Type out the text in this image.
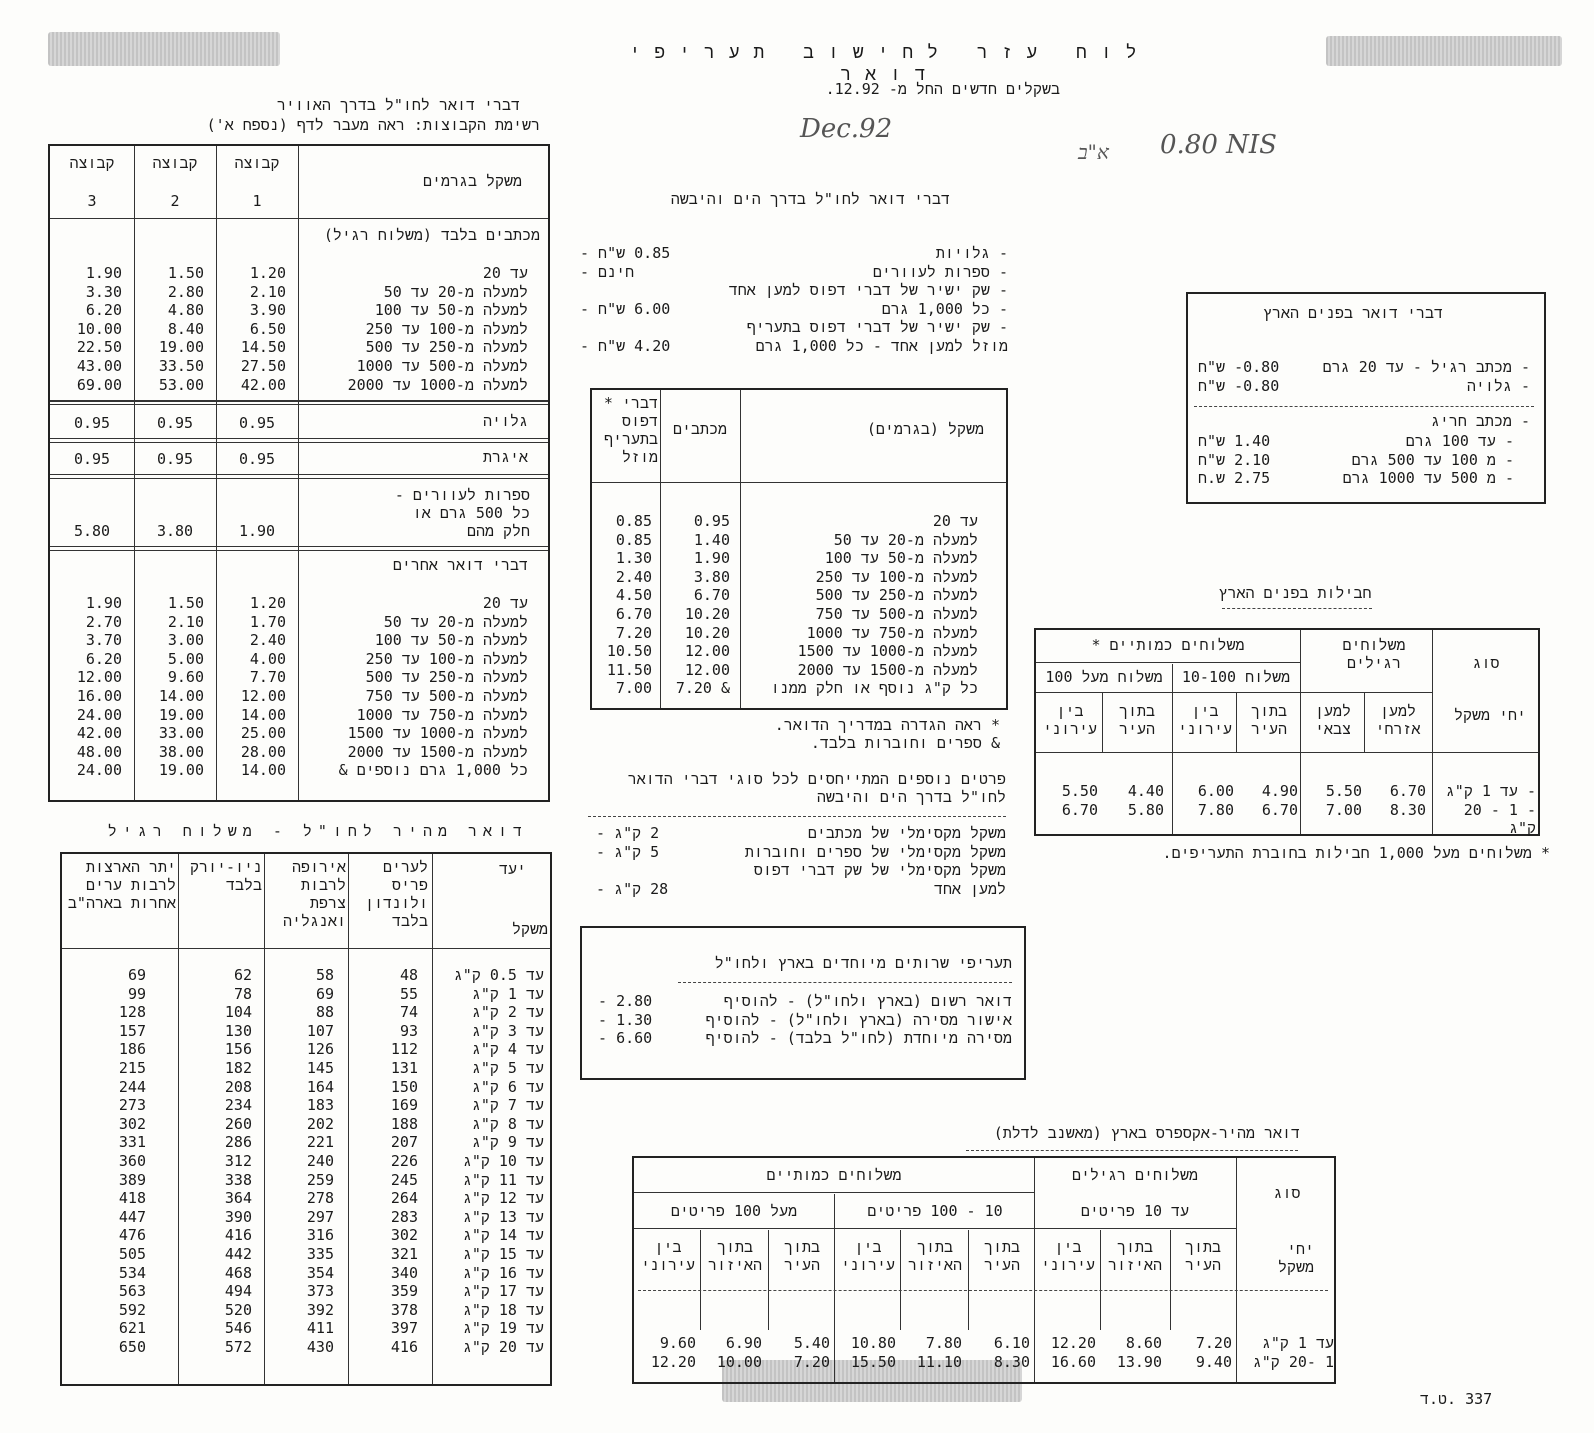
לוח עזר לחישוב תעריפי דואר
בשקלים חדשים החל מ- 12.92.
Dec.92
0.80 NIS
א"ב
דברי דואר לחו"ל בדרך האוויר
רשימת הקבוצות: ראה מעבר לדף (נספח א')
משקל בגרמים
קבוצה
3
קבוצה
2
קבוצה
1
מכתבים בלבד (משלוח רגיל)
עד 20
למעלה מ-20 עד 50
למעלה מ-50 עד 100
למעלה מ-100 עד 250
למעלה מ-250 עד 500
למעלה מ-500 עד 1000
למעלה מ-1000 עד 2000
1.20
2.10
3.90
6.50
14.50
27.50
42.00
1.50
2.80
4.80
8.40
19.00
33.50
53.00
1.90
3.30
6.20
10.00
22.50
43.00
69.00
גלויה
0.95
0.95
0.95
איגרת
0.95
0.95
0.95
ספרות לעוורים - כל 500 גרם או חלק מהם
1.90
3.80
5.80
דברי דואר אחרים
עד 20
למעלה מ-20 עד 50
למעלה מ-50 עד 100
למעלה מ-100 עד 250
למעלה מ-250 עד 500
למעלה מ-500 עד 750
למעלה מ-750 עד 1000
למעלה מ-1000 עד 1500
למעלה מ-1500 עד 2000
כל 1,000 גרם נוספים &
1.20
1.70
2.40
4.00
7.70
12.00
14.00
25.00
28.00
14.00
1.50
2.10
3.00
5.00
9.60
14.00
19.00
33.00
38.00
19.00
1.90
2.70
3.70
6.20
12.00
16.00
24.00
42.00
48.00
24.00
דואר מהיר לחו"ל - משלוח רגיל
יעד
משקל
לערים פריס ולונדון בלבד
אירופה לרבות צרפת ואנגליה
ניו-יורק בלבד
יתר הארצות לרבות ערים אחרות בארה"ב
עד 0.5 ק"ג
48
58
62
69
עד 1 ק"ג
55
69
78
99
עד 2 ק"ג
74
88
104
128
עד 3 ק"ג
93
107
130
157
עד 4 ק"ג
112
126
156
186
עד 5 ק"ג
131
145
182
215
עד 6 ק"ג
150
164
208
244
עד 7 ק"ג
169
183
234
273
עד 8 ק"ג
188
202
260
302
עד 9 ק"ג
207
221
286
331
עד 10 ק"ג
226
240
312
360
עד 11 ק"ג
245
259
338
389
עד 12 ק"ג
264
278
364
418
עד 13 ק"ג
283
297
390
447
עד 14 ק"ג
302
316
416
476
עד 15 ק"ג
321
335
442
505
עד 16 ק"ג
340
354
468
534
עד 17 ק"ג
359
373
494
563
עד 18 ק"ג
378
392
520
592
עד 19 ק"ג
397
411
546
621
עד 20 ק"ג
416
430
572
650
דברי דואר לחו"ל בדרך הים והיבשה
- גלויות
0.85 ש"ח -
- ספרות לעוורים
חינם -
- שק ישיר של דברי דפוס למען אחד
- כל 1,000 גרם
6.00 ש"ח -
- שק ישיר של דברי דפוס בתעריף
מוזל למען אחד - כל 1,000 גרם
4.20 ש"ח -
משקל (בגרמים)
מכתבים
דברי * דפוס בתעריף מוזל
עד 20
0.95
0.85
למעלה מ-20 עד 50
1.40
0.85
למעלה מ-50 עד 100
1.90
1.30
למעלה מ-100 עד 250
3.80
2.40
למעלה מ-250 עד 500
6.70
4.50
למעלה מ-500 עד 750
10.20
6.70
למעלה מ-750 עד 1000
10.20
7.20
למעלה מ-1000 עד 1500
12.00
10.50
למעלה מ-1500 עד 2000
12.00
11.50
כל ק"ג נוסף או חלק ממנו
7.20 &
7.00
* ראה הגדרה במדריך הדואר.
& ספרים וחוברות בלבד.
פרטים נוספים המתייחסים לכל סוגי דברי הדואר לחו"ל בדרך הים והיבשה
משקל מקסימלי של מכתבים
2 ק"ג -
משקל מקסימלי של ספרים וחוברות
5 ק"ג -
משקל מקסימלי של שק דברי דפוס
למען אחד
28 ק"ג -
תעריפי שרותים מיוחדים בארץ ולחו"ל
דואר רשום (בארץ ולחו"ל) - להוסיף
2.80 -
אישור מסירה (בארץ ולחו"ל) - להוסיף
1.30 -
מסירה מיוחדת (לחו"ל בלבד) - להוסיף
6.60 -
דברי דואר בפנים הארץ
- מכתב רגיל - עד 20 גרם
0.80- ש"ח
- גלויה
0.80- ש"ח
- מכתב חריג
- עד 100 גרם
1.40 ש"ח
- מ 100 עד 500 גרם
2.10 ש"ח
- מ 500 עד 1000 גרם
2.75 ש.ח
חבילות בפנים הארץ
סוג
יחי משקל
משלוחים רגילים
משלוחים כמותיים *
משלוח 10-100
משלוח מעל 100
למען אזרחי
למען צבאי
בתוך העיר
בין עירוני
בתוך העיר
בין עירוני
- עד 1 ק"ג
6.70
5.50
4.90
6.00
4.40
5.50
- 1 - 20 ק"ג
8.30
7.00
6.70
7.80
5.80
6.70
* משלוחים מעל 1,000 חבילות בחוברת התעריפים.
דואר מהיר-אקספרס בארץ (מאשנב לדלת)
סוג
יחי משקל
משלוחים רגילים
עד 10 פריטים
משלוחים כמותיים
10 - 100 פריטים
מעל 100 פריטים
בתוך העיר
בתוך האיזור
בין עירוני
בתוך העיר
בתוך האיזור
בין עירוני
בתוך העיר
בתוך האיזור
בין עירוני
עד 1 ק"ג
7.20
8.60
12.20
6.10
7.80
10.80
5.40
6.90
9.60
1 -20 ק"ג
9.40
13.90
16.60
8.30
11.10
15.50
7.20
10.00
12.20
337 .ט.ד
